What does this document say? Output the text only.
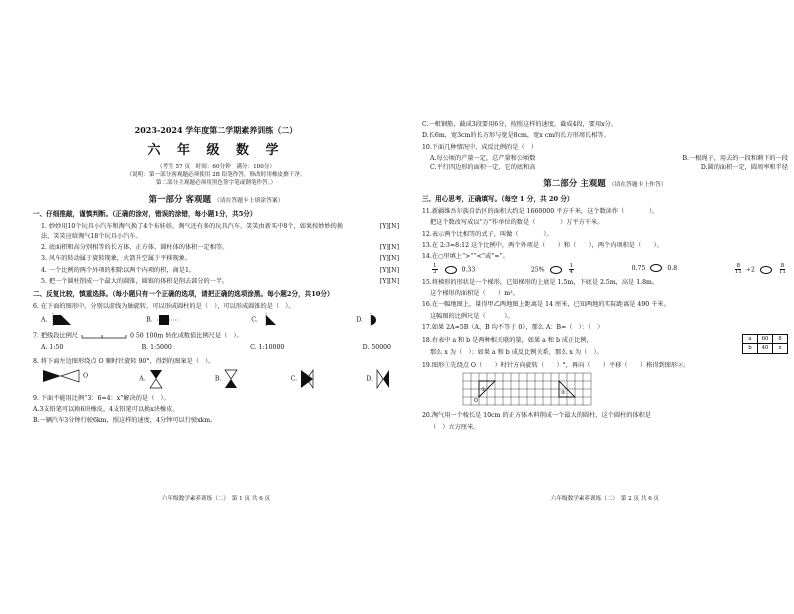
2023-2024 学年度第二学期素养训练（二）
六 年 级 数 学
（考生 57 页　时间：60分钟　满分：100分）
（说明：第一部分客观题必须使用 2B 铅笔作答，修改时用橡皮擦干净。
第二部分主观题必须用黑色签字笔或钢笔作答。）
第一部分 客观题 （请在答题卡上填涂答案）
一、仔细推敲，谨慎判断。（正确的涂对，错误的涂错，每小题1分，共5分）
1. 妙妙用10个玩具小汽车和淘气换了4个布娃娃，淘气还有多的玩具汽车，笑笑由新买中8个，如果按妙妙的换法，笑笑应给淘气18个玩具小汽车。
[Y][N]
2. 底面积和高分别相等的长方体、正方体、圆柱体的体积一定相等。	[Y][N]
3. 风车的转动属于旋转现象，火箭升空属于平移现象。	[Y][N]
4. 一个比例的两个外项的积除以两个内项的积，商是1。	[Y][N]
5. 把一个圆柱削成一个最大的圆锥，圆锥的体积是削去部分的一半。	[Y][N]
二、反复比较，慎重选择。（每小题只有一个正确的选项，请把正确的选项涂黑。每小题2分，共10分）
6. 在下面的图形中，分别以虚线为轴旋转，可以形成圆柱的是（　），可以形成圆锥的是（　）。
A.	B.	C.	D.
7. 把线段比例尺	0 50 100m 转化成数值比例尺是（　）。
A. 1:50	B. 1:5000	C. 1:10000	D. 50000
8. 将下面左边图形绕点 O 顺时针旋转 90°，得到的图案是（　）。
O	A.	B.	C.	D.
9. 下面不能用比例“3：6=4：x”解决的是（　）。
A.3支铅笔可以换6块橡皮，4支铅笔可以换x块橡皮。
B.一辆汽车3分钟行驶6km，照这样的速度，4分钟可以行驶xkm。
六年级数学素养训练（二）　第 1 页 共 6 页
C.一根钢筋，截成3段要用6分，按照这样的速度，截成4段，要用x分。
D.长6m，宽3cm的长方形与宽是8cm，宽x cm的长方形周长相等。
10.下面几种情况中，成反比例的是（　）
A.每公顷的产量一定，总产量和公顷数	B.一根绳子，用去的一段和剩下的一段
C.平行四边形的面积一定，它的底和高	D.圆的面积一定，圆周率和半径
第二部分 主观题 （请在答题卡上作答）
三、用心思考，正确填写。（每空 1 分，共 20 分）
11.新疆维吾尔族自治区的面积大约是 1660000 平方千米，这个数读作（　　　　），
把这个数改写成以“万”作单位的数是（　　　　）万平方千米。
12.表示两个比相等的式子，叫做（　　　　）。
13.在 2:3=8:12 这个比例中，两个外项是（　　）和（　　），两个内项积是（　　）。
14.在○里填上“>”“<”或“=”。
$\frac{1}{3}$	0.33	25%	$\frac{1}{4}$	0.75	0.8	$\frac{8}{11} \div 2$	$\frac{8}{11}$
15.将梯形的形状是一个梯形，已知梯形的上底是 1.5m，下底是 2.5m，高是 1.8m。
这个梯形的面积是（　　）m²。
16.在一幅地图上，量得甲乙两地图上距离是 14 厘米，已知两地的实际距离是 490 千米。
这幅图的比例尺是（　　　）。
17.如果 2A=5B（A、B 均不等于 0），那么 A：B=（　）：（　）
18.右表中 a 和 b 是两种相关联的量，如果 a 和 b 成正比例，
那么 x 为（　）；如果 a 和 b 成反比例关系，那么 x 为（　）。
a	60	8
b	40	x
19.图形①先绕点 O（　　）时针方向旋转（　　）°，再向（　　）平移（　　）格得到图形②。
①
O
②
20.淘气用一个棱长是 10cm 的正方体木料削成一个最大的圆柱，这个圆柱的体积是
（　）立方厘米。
六年级数学素养训练（二）　第 2 页 共 6 页
